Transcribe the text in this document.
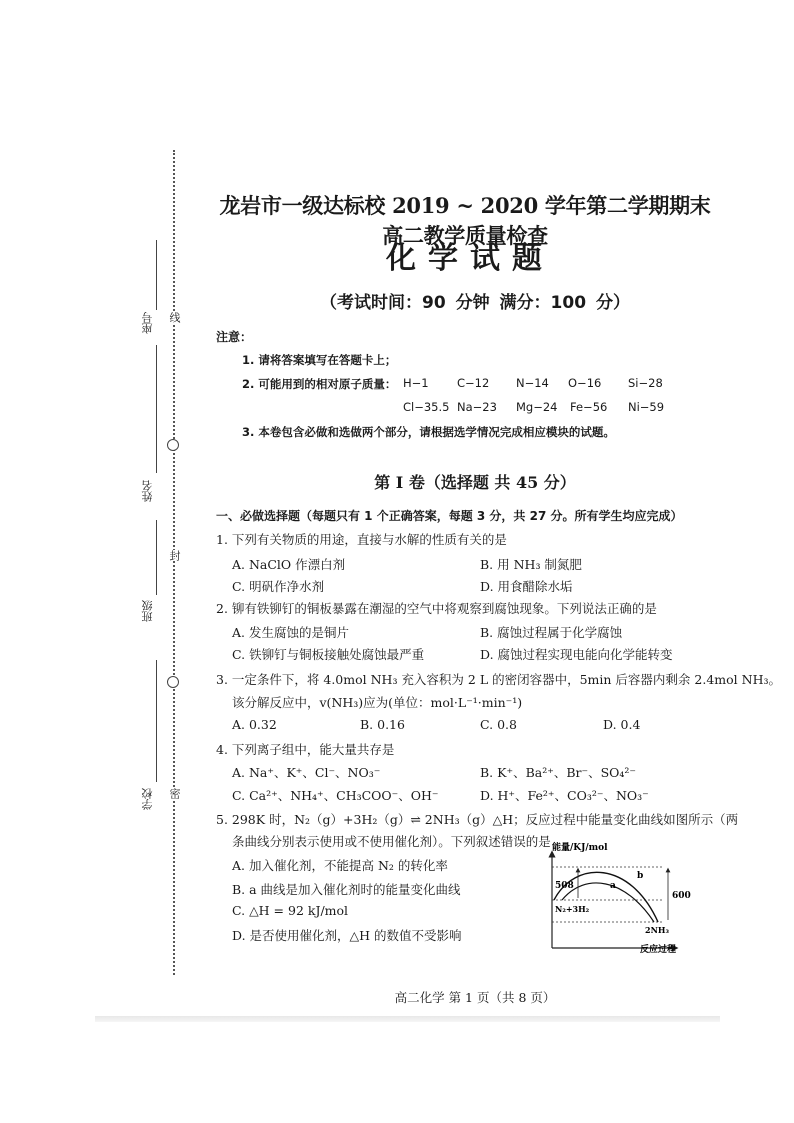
线
封
密
座号
姓名
班级
学校
龙岩市一级达标校 2019 ~ 2020 学年第二学期期末高二教学质量检查
化学试题
（考试时间：90 分钟 满分：100 分）
注意：
1. 请将答案填写在答题卡上；
2. 可能用到的相对原子质量： H−1 C−12 N−14 O−16 Si−28
Cl−35.5 Na−23 Mg−24 Fe−56 Ni−59
3. 本卷包含必做和选做两个部分，请根据选学情况完成相应模块的试题。
第 I 卷（选择题 共 45 分）
一、必做选择题（每题只有 1 个正确答案，每题 3 分，共 27 分。所有学生均应完成）
1. 下列有关物质的用途，直接与水解的性质有关的是
A. NaClO 作漂白剂	B. 用 NH₃ 制氮肥
C. 明矾作净水剂	D. 用食醋除水垢
2. 铆有铁铆钉的铜板暴露在潮湿的空气中将观察到腐蚀现象。下列说法正确的是
A. 发生腐蚀的是铜片	B. 腐蚀过程属于化学腐蚀
C. 铁铆钉与铜板接触处腐蚀最严重	D. 腐蚀过程实现电能向化学能转变
3. 一定条件下，将 4.0mol NH₃ 充入容积为 2 L 的密闭容器中，5min 后容器内剩余 2.4mol NH₃。
该分解反应中，v(NH₃)应为(单位：mol·L⁻¹·min⁻¹)
A. 0.32	B. 0.16	C. 0.8	D. 0.4
4. 下列离子组中，能大量共存是
A. Na⁺、K⁺、Cl⁻、NO₃⁻	B. K⁺、Ba²⁺、Br⁻、SO₄²⁻
C. Ca²⁺、NH₄⁺、CH₃COO⁻、OH⁻	D. H⁺、Fe²⁺、CO₃²⁻、NO₃⁻
5. 298K 时，N₂（g）+3H₂（g）⇌ 2NH₃（g）△H；反应过程中能量变化曲线如图所示（两
条曲线分别表示使用或不使用催化剂）。下列叙述错误的是
A. 加入催化剂，不能提高 N₂ 的转化率
B. a 曲线是加入催化剂时的能量变化曲线
C. △H = 92 kJ/mol
D. 是否使用催化剂，△H 的数值不受影响
能量/KJ/mol
反应过程
508
600
N₂+3H₂
2NH₃
a
b
高二化学 第 1 页（共 8 页）
